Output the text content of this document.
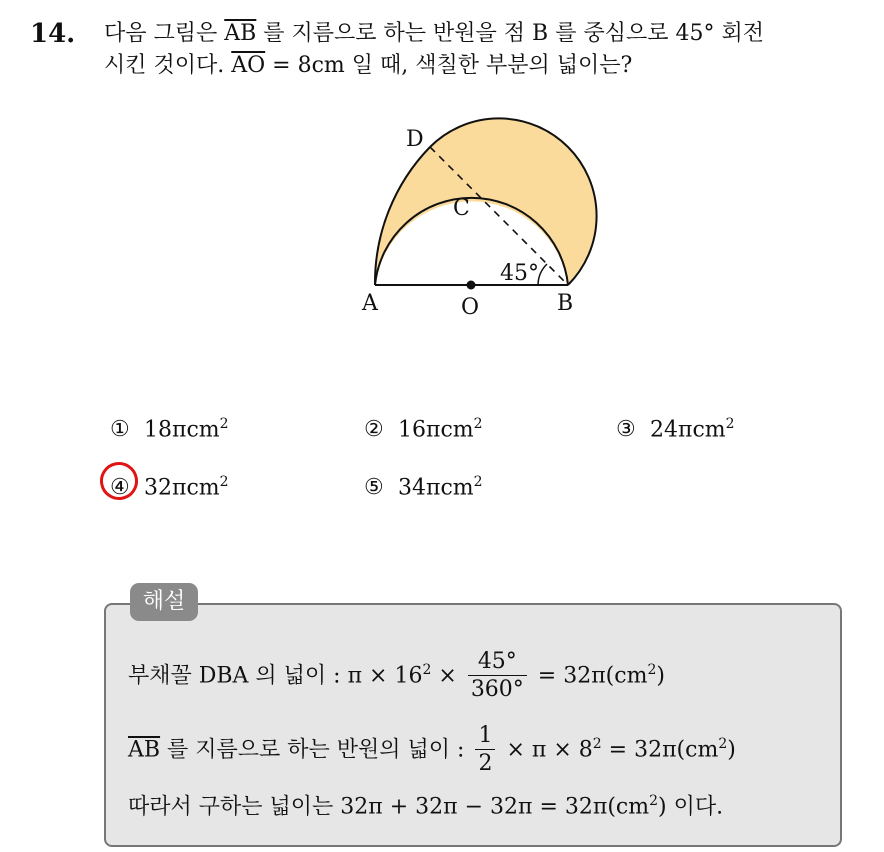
14. 다음 그림은 $\overline{AB}$ 를 지름으로 하는 반원을 점 B 를 중심으로 45° 회전
시킨 것이다. $\overline{AO} = 8cm$ 일 때, 색칠한 부분의 넓이는?
D
C
A	O	B
45°
① 18πcm$^2$	② 16πcm$^2$	③ 24πcm$^2$
④ 32πcm$^2$	⑤ 34πcm$^2$
부채꼴 DBA 의 넓이 : $\pi \times 16^2 \times \frac{45^\circ}{360^\circ} = 32\pi(cm^2)$
$\overline{AB}$ 를 지름으로 하는 반원의 넓이 : $\frac{1}{2} \times \pi \times 8^2 = 32\pi(cm^2)$
따라서 구하는 넓이는 $32\pi + 32\pi - 32\pi = 32\pi(cm^2)$ 이다.
해설
